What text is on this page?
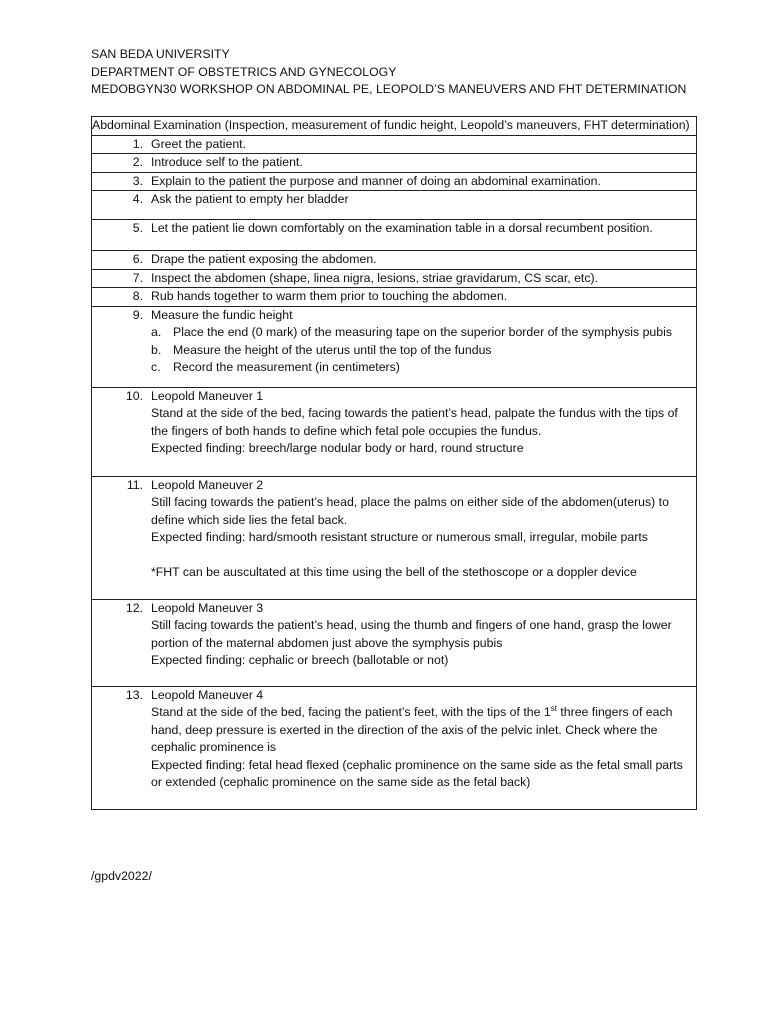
SAN BEDA UNIVERSITY
DEPARTMENT OF OBSTETRICS AND GYNECOLOGY
MEDOBGYN30 WORKSHOP ON ABDOMINAL PE, LEOPOLD’S MANEUVERS AND FHT DETERMINATION
Abdominal Examination (Inspection, measurement of fundic height, Leopold’s maneuvers, FHT determination)

1. Greet the patient.

2. Introduce self to the patient.

3. Explain to the patient the purpose and manner of doing an abdominal examination.

4. Ask the patient to empty her bladder

5. Let the patient lie down comfortably on the examination table in a dorsal recumbent position.

6. Drape the patient exposing the abdomen.

7. Inspect the abdomen (shape, linea nigra, lesions, striae gravidarum, CS scar, etc).

8. Rub hands together to warm them prior to touching the abdomen.

9. Measure the fundic height
a. Place the end (0 mark) of the measuring tape on the superior border of the symphysis pubis
b. Measure the height of the uterus until the top of the fundus
c.	Record the measurement (in centimeters)

10. Leopold Maneuver 1
Stand at the side of the bed, facing towards the patient’s head, palpate the fundus with the tips of the fingers of both hands to define which fetal pole occupies the fundus.
Expected finding: breech/large nodular body or hard, round structure

11. Leopold Maneuver 2
Still facing towards the patient’s head, place the palms on either side of the abdomen(uterus) to define which side lies the fetal back.
Expected finding: hard/smooth resistant structure or numerous small, irregular, mobile parts
*FHT can be auscultated at this time using the bell of the stethoscope or a doppler device

12. Leopold Maneuver 3
Still facing towards the patient’s head, using the thumb and fingers of one hand, grasp the lower portion of the maternal abdomen just above the symphysis pubis
Expected finding: cephalic or breech (ballotable or not)

13. Leopold Maneuver 4
Stand at the side of the bed, facing the patient’s feet, with the tips of the 1st three fingers of each hand, deep pressure is exerted in the direction of the axis of the pelvic inlet. Check where the cephalic prominence is
Expected finding: fetal head flexed (cephalic prominence on the same side as the fetal small parts or extended (cephalic prominence on the same side as the fetal back)
/gpdv2022/
